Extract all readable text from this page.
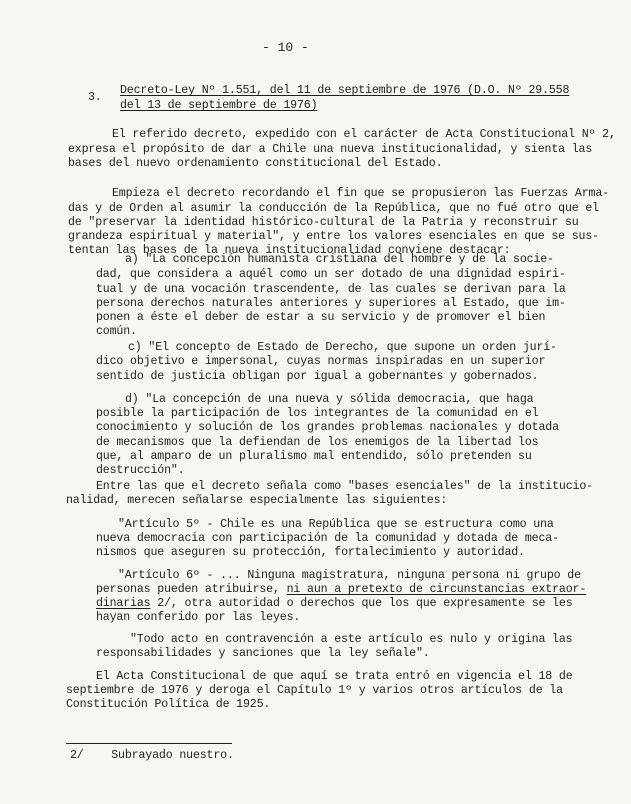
- 10 -
3.
Decreto-Ley Nº 1.551, del 11 de septiembre de 1976 (D.O. Nº 29.558
del 13 de septiembre de 1976)
El referido decreto, expedido con el carácter de Acta Constitucional Nº 2,
expresa el propósito de dar a Chile una nueva institucionalidad, y sienta las
bases del nuevo ordenamiento constitucional del Estado.
Empieza el decreto recordando el fin que se propusieron las Fuerzas Arma-
das y de Orden al asumir la conducción de la República, que no fué otro que el
de "preservar la identidad histórico-cultural de la Patria y reconstruir su
grandeza espiritual y material", y entre los valores esenciales en que se sus-
tentan las bases de la nueva institucionalidad conviene destacar:
a) "La concepción humanista cristiana del hombre y de la socie-
dad, que considera a aquél como un ser dotado de una dignidad espiri-
tual y de una vocación trascendente, de las cuales se derivan para la
persona derechos naturales anteriores y superiores al Estado, que im-
ponen a éste el deber de estar a su servicio y de promover el bien
común.
c) "El concepto de Estado de Derecho, que supone un orden jurí-
dico objetivo e impersonal, cuyas normas inspiradas en un superior
sentido de justicia obligan por igual a gobernantes y gobernados.
d) "La concepción de una nueva y sólida democracia, que haga
posible la participación de los integrantes de la comunidad en el
conocimiento y solución de los grandes problemas nacionales y dotada
de mecanismos que la defiendan de los enemigos de la libertad los
que, al amparo de un pluralismo mal entendido, sólo pretenden su
destrucción".
Entre las que el decreto señala como "bases esenciales" de la institucio-
nalidad, merecen señalarse especialmente las siguientes:
"Artículo 5º - Chile es una República que se estructura como una
nueva democracia con participación de la comunidad y dotada de meca-
nismos que aseguren su protección, fortalecimiento y autoridad.
"Artículo 6º - ... Ninguna magistratura, ninguna persona ni grupo de
personas pueden atribuirse, ni aun a pretexto de circunstancias extraor-
dinarias 2/, otra autoridad o derechos que los que expresamente se les
hayan conferido por las leyes.
"Todo acto en contravención a este artículo es nulo y origina las
responsabilidades y sanciones que la ley señale".
El Acta Constitucional de que aquí se trata entró en vigencia el 18 de
septiembre de 1976 y deroga el Capítulo 1º y varios otros artículos de la
Constitución Política de 1925.
2/ Subrayado nuestro.
